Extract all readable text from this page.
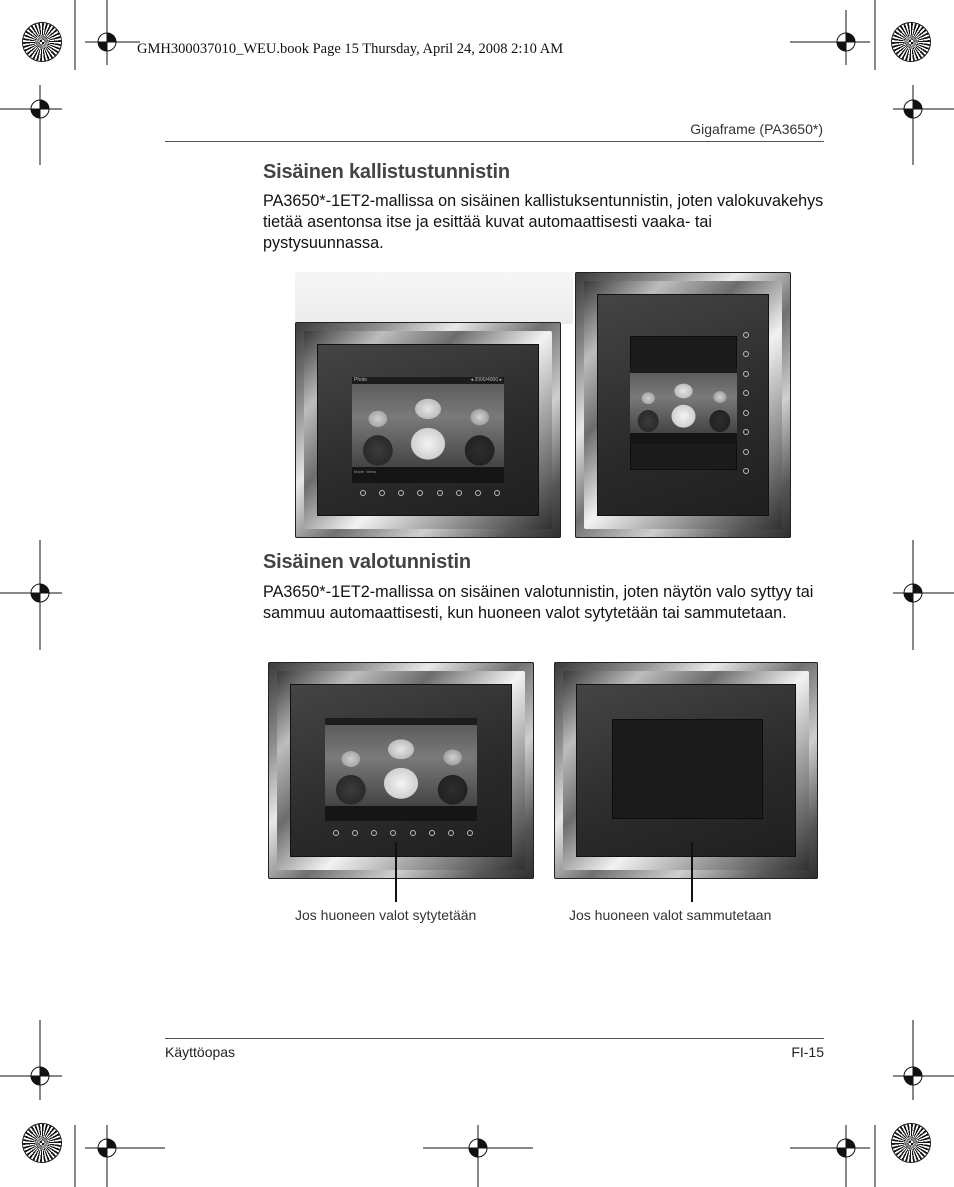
GMH300037010_WEU.book Page 15 Thursday, April 24, 2008 2:10 AM
Gigaframe (PA3650*)
Sisäinen kallistustunnistin
PA3650*-1ET2-mallissa on sisäinen kallistuksentunnistin, joten valokuvakehys tietää asentonsa itse ja esittää kuvat automaattisesti vaaka- tai pystysuunnassa.
Photo	◂ 2000/4000 ▸
Mode Menu
Sisäinen valotunnistin
PA3650*-1ET2-mallissa on sisäinen valotunnistin, joten näytön valo syttyy tai sammuu automaattisesti, kun huoneen valot sytytetään tai sammutetaan.
Jos huoneen valot sytytetään	Jos huoneen valot sammutetaan
Käyttöopas	FI-15
